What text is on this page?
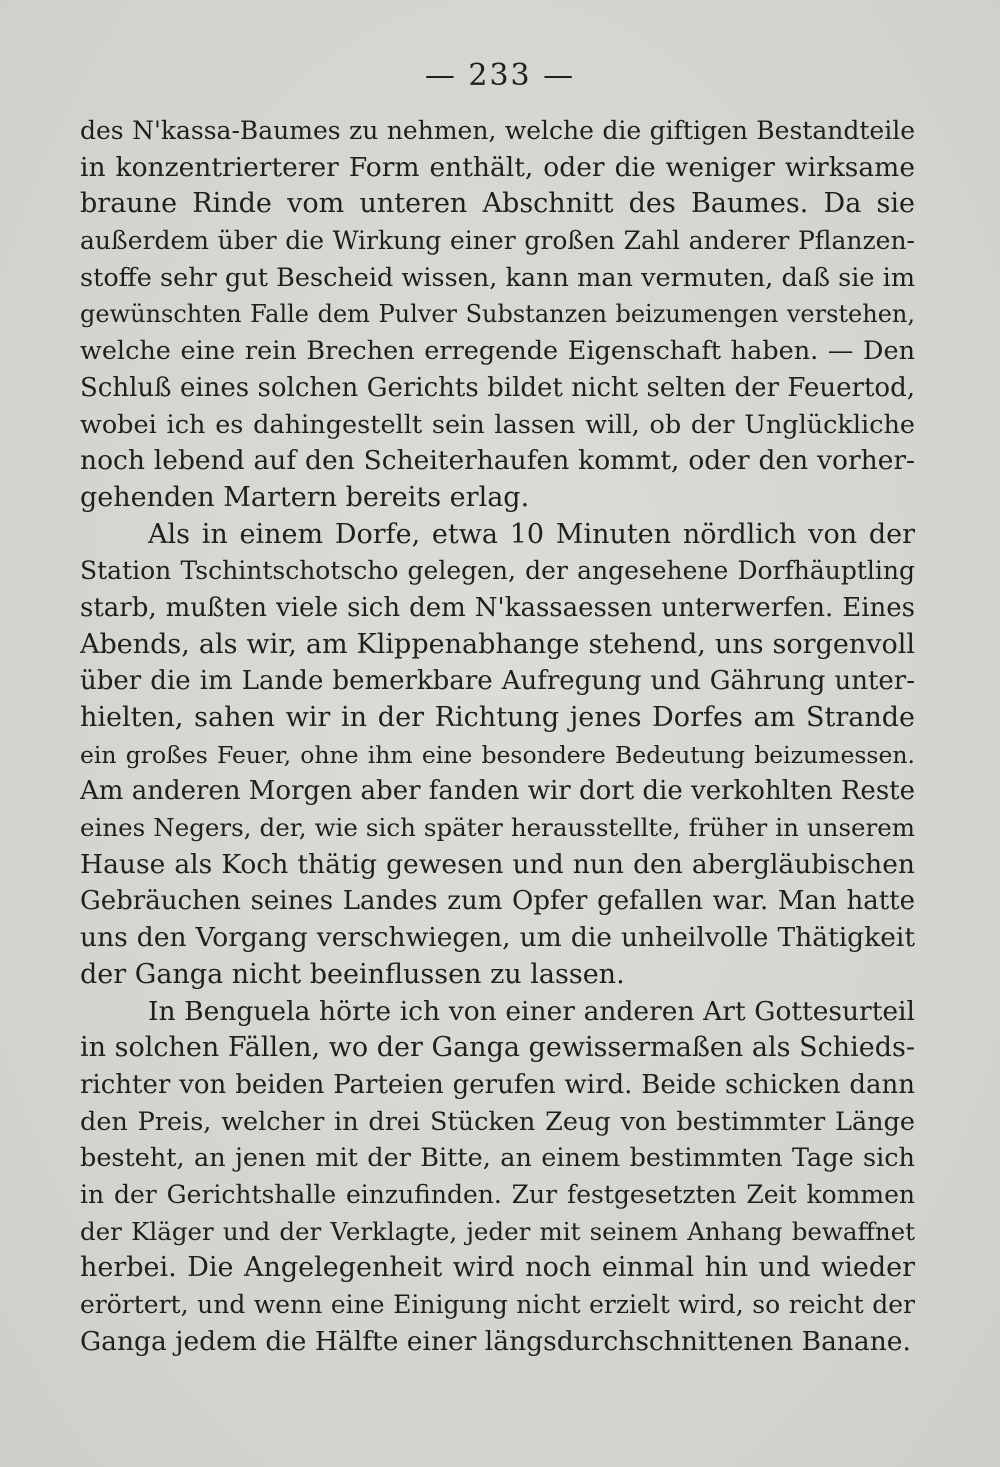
— 233 —
des N'kassa-Baumes zu nehmen, welche die giftigen Bestandteile
in konzentrierterer Form enthält, oder die weniger wirksame
braune Rinde vom unteren Abschnitt des Baumes. Da sie
außerdem über die Wirkung einer großen Zahl anderer Pflanzen-
stoffe sehr gut Bescheid wissen, kann man vermuten, daß sie im
gewünschten Falle dem Pulver Substanzen beizumengen verstehen,
welche eine rein Brechen erregende Eigenschaft haben. — Den
Schluß eines solchen Gerichts bildet nicht selten der Feuertod,
wobei ich es dahingestellt sein lassen will, ob der Unglückliche
noch lebend auf den Scheiterhaufen kommt, oder den vorher-
gehenden Martern bereits erlag.
Als in einem Dorfe, etwa 10 Minuten nördlich von der
Station Tschintschotscho gelegen, der angesehene Dorfhäuptling
starb, mußten viele sich dem N'kassaessen unterwerfen. Eines
Abends, als wir, am Klippenabhange stehend, uns sorgenvoll
über die im Lande bemerkbare Aufregung und Gährung unter-
hielten, sahen wir in der Richtung jenes Dorfes am Strande
ein großes Feuer, ohne ihm eine besondere Bedeutung beizumessen.
Am anderen Morgen aber fanden wir dort die verkohlten Reste
eines Negers, der, wie sich später herausstellte, früher in unserem
Hause als Koch thätig gewesen und nun den abergläubischen
Gebräuchen seines Landes zum Opfer gefallen war. Man hatte
uns den Vorgang verschwiegen, um die unheilvolle Thätigkeit
der Ganga nicht beeinflussen zu lassen.
In Benguela hörte ich von einer anderen Art Gottesurteil
in solchen Fällen, wo der Ganga gewissermaßen als Schieds-
richter von beiden Parteien gerufen wird. Beide schicken dann
den Preis, welcher in drei Stücken Zeug von bestimmter Länge
besteht, an jenen mit der Bitte, an einem bestimmten Tage sich
in der Gerichtshalle einzufinden. Zur festgesetzten Zeit kommen
der Kläger und der Verklagte, jeder mit seinem Anhang bewaffnet
herbei. Die Angelegenheit wird noch einmal hin und wieder
erörtert, und wenn eine Einigung nicht erzielt wird, so reicht der
Ganga jedem die Hälfte einer längsdurchschnittenen Banane.
